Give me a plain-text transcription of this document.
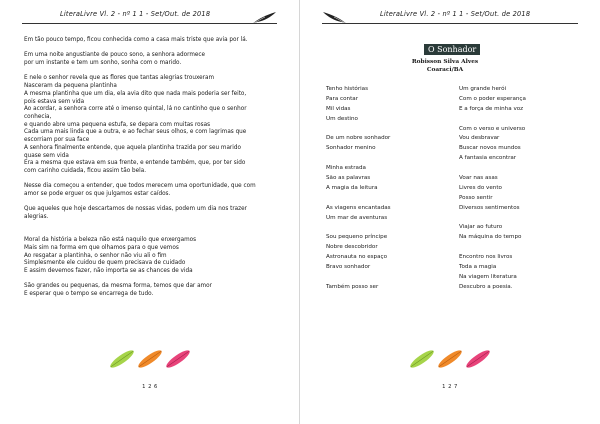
LiteraLivre Vl. 2 - nº 1 1 - Set/Out. de 2018
Em tão pouco tempo, ficou conhecida como a casa mais triste que avia por lá.
Em uma noite angustiante de pouco sono, a senhora adormece
por um instante e tem um sonho, sonha com o marido.
E nele o senhor revela que as flores que tantas alegrias trouxeram
Nasceram da pequena plantinha
A mesma plantinha que um dia, ela avia dito que nada mais poderia ser feito,
pois estava sem vida
Ao acordar, a senhora corre até o imenso quintal, lá no cantinho que o senhor
conhecia,
e quando abre uma pequena estufa, se depara com muitas rosas
Cada uma mais linda que a outra, e ao fechar seus olhos, e com lagrimas que
escorriam por sua face
A senhora finalmente entende, que aquela plantinha trazida por seu marido
quase sem vida
Era a mesma que estava em sua frente, e entende também, que, por ter sido
com carinho cuidada, ficou assim tão bela.
Nesse dia começou a entender, que todos merecem uma oportunidade, que com
amor se pode erguer os que julgamos estar caídos.
Que aqueles que hoje descartamos de nossas vidas, podem um dia nos trazer
alegrias.
Moral da história a beleza não está naquilo que enxergamos
Mais sim na forma em que olhamos para o que vemos
Ao resgatar a plantinha, o senhor não viu ali o fim
Simplesmente ele cuidou de quem precisava de cuidado
E assim devemos fazer, não importa se as chances de vida
São grandes ou pequenas, da mesma forma, temos que dar amor
E esperar que o tempo se encarrega de tudo.
1 2 6
LiteraLivre Vl. 2 - nº 1 1 - Set/Out. de 2018
O Sonhador
Robisson Silva Alves
Coaraci/BA
Tenho histórias
Para contar
Mil vidas
Um destino
De um nobre sonhador
Sonhador menino
Minha estrada
São as palavras
A magia da leitura
As viagens encantadas
Um mar de aventuras
Sou pequeno príncipe
Nobre descobridor
Astronauta no espaço
Bravo sonhador
Também posso ser
Um grande herói
Com o poder esperança
E a força de minha voz
Com o verso e universo
Vou desbravar
Buscar novos mundos
A fantasia encontrar
Voar nas asas
Livres do vento
Posso sentir
Diversos sentimentos
Viajar ao futuro
Na máquina do tempo
Encontro nos livros
Toda a magia
Na viagem literatura
Descubro a poesia.
1 2 7
